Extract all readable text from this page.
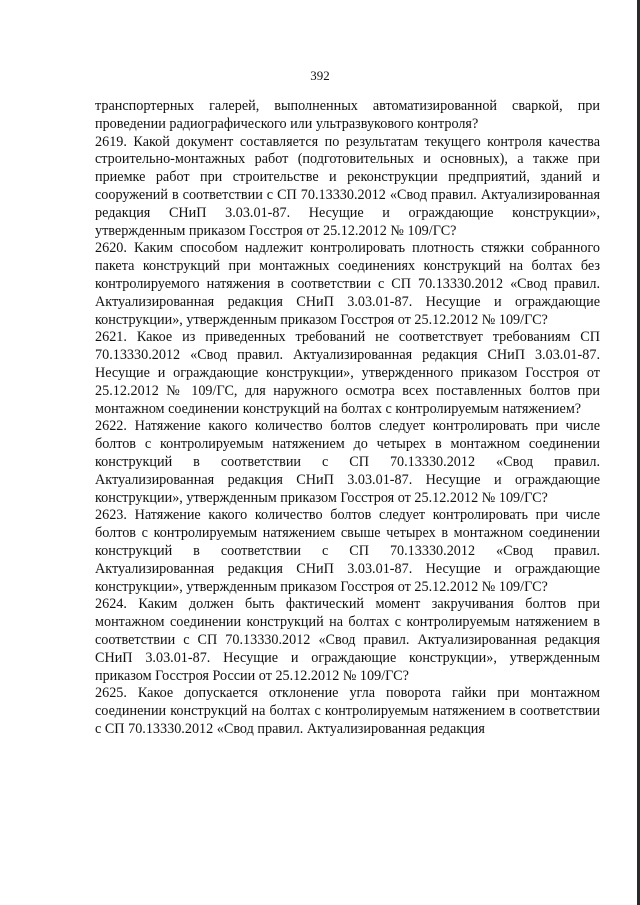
392

транспортерных галерей, выполненных автоматизированной сваркой, при проведении радиографического или ультразвукового контроля?

2619. Какой документ составляется по результатам текущего контроля качества строительно-монтажных работ (подготовительных и основных), а также при приемке работ при строительстве и реконструкции предприятий, зданий и сооружений в соответствии с СП 70.13330.2012 «Свод правил. Актуализированная редакция СНиП 3.03.01-87. Несущие и ограждающие конструкции», утвержденным приказом Госстроя от 25.12.2012 № 109/ГС?

2620. Каким способом надлежит контролировать плотность стяжки собранного пакета конструкций при монтажных соединениях конструкций на болтах без контролируемого натяжения в соответствии с СП 70.13330.2012 «Свод правил. Актуализированная редакция СНиП 3.03.01-87. Несущие и ограждающие конструкции», утвержденным приказом Госстроя от 25.12.2012 № 109/ГС?

2621. Какое из приведенных требований не соответствует требованиям СП 70.13330.2012 «Свод правил. Актуализированная редакция СНиП 3.03.01-87. Несущие и ограждающие конструкции», утвержденного приказом Госстроя от 25.12.2012 № 109/ГС, для наружного осмотра всех поставленных болтов при монтажном соединении конструкций на болтах с контролируемым натяжением?

2622. Натяжение какого количество болтов следует контролировать при числе болтов с контролируемым натяжением до четырех в монтажном соединении конструкций в соответствии с СП 70.13330.2012 «Свод правил. Актуализированная редакция СНиП 3.03.01-87. Несущие и ограждающие конструкции», утвержденным приказом Госстроя от 25.12.2012 № 109/ГС?

2623. Натяжение какого количество болтов следует контролировать при числе болтов с контролируемым натяжением свыше четырех в монтажном соединении конструкций в соответствии с СП 70.13330.2012 «Свод правил. Актуализированная редакция СНиП 3.03.01-87. Несущие и ограждающие конструкции», утвержденным приказом Госстроя от 25.12.2012 № 109/ГС?

2624. Каким должен быть фактический момент закручивания болтов при монтажном соединении конструкций на болтах с контролируемым натяжением в соответствии с СП 70.13330.2012 «Свод правил. Актуализированная редакция СНиП 3.03.01-87. Несущие и ограждающие конструкции», утвержденным приказом Госстроя России от 25.12.2012 № 109/ГС?

2625. Какое допускается отклонение угла поворота гайки при монтажном соединении конструкций на болтах с контролируемым натяжением в соответствии с СП 70.13330.2012 «Свод правил. Актуализированная редакция
